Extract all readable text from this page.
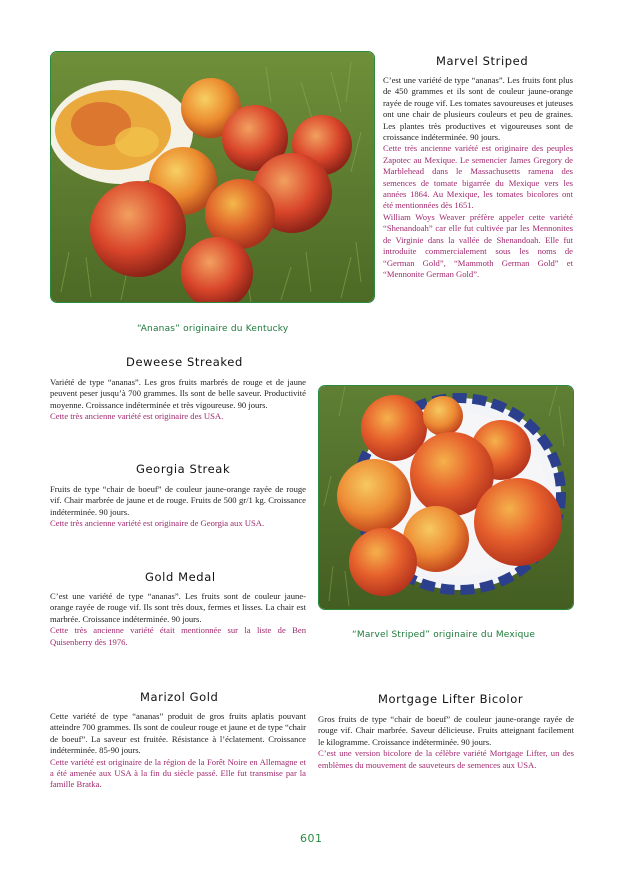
“Ananas” originaire du Kentucky
Marvel Striped

C’est une variété de type “ananas”. Les fruits font plus de 450 grammes et ils sont de couleur jaune-orange rayée de rouge vif. Les tomates savoureuses et juteuses ont une chair de plusieurs couleurs et peu de graines. Les plantes très productives et vigoureuses sont de croissance indéterminée. 90 jours.

Cette très ancienne variété est originaire des peuples Zapotec au Mexique. Le semencier James Gregory de Marblehead dans le Massachusetts ramena des semences de tomate bigarrée du Mexique vers les années 1864. Au Mexique, les tomates bicolores ont été mentionnées dès 1651.

William Woys Weaver préfère appeler cette variété “Shenandoah” car elle fut cultivée par les Mennonites de Virginie dans la vallée de Shenandoah. Elle fut introduite commercialement sous les noms de “German Gold”, “Mammoth German Gold” et “Mennonite German Gold”.

Deweese Streaked

Variété de type “ananas”. Les gros fruits marbrés de rouge et de jaune peuvent peser jusqu’à 700 grammes. Ils sont de belle saveur. Productivité moyenne. Croissance indéterminée et très vigoureuse. 90 jours.

Cette très ancienne variété est originaire des USA.

Georgia Streak

Fruits de type “chair de boeuf” de couleur jaune-orange rayée de rouge vif. Chair marbrée de jaune et de rouge. Fruits de 500 gr/1 kg. Croissance indéterminée. 90 jours.

Cette très ancienne variété est originaire de Georgia aux USA.

Gold Medal

C’est une variété de type “ananas”. Les fruits sont de couleur jaune-orange rayée de rouge vif. Ils sont très doux, fermes et lisses. La chair est marbrée. Croissance indéterminée. 90 jours.

Cette très ancienne variété était mentionnée sur la liste de Ben Quisenberry dès 1976.

“Marvel Striped” originaire du Mexique
Marizol Gold

Cette variété de type “ananas” produit de gros fruits aplatis pouvant atteindre 700 grammes. Ils sont de couleur rouge et jaune et de type “chair de boeuf”. La saveur est fruitée. Résistance à l’éclatement. Croissance indéterminée. 85-90 jours.

Cette variété est originaire de la région de la Forêt Noire en Allemagne et a été amenée aux USA à la fin du siècle passé. Elle fut transmise par la famille Bratka.

Mortgage Lifter Bicolor

Gros fruits de type “chair de boeuf” de couleur jaune-orange rayée de rouge vif. Chair marbrée. Saveur délicieuse. Fruits atteignant facilement le kilogramme. Croissance indéterminée. 90 jours.

C’est une version bicolore de la célèbre variété Mortgage Lifter, un des emblèmes du mouvement de sauveteurs de semences aux USA.

601
